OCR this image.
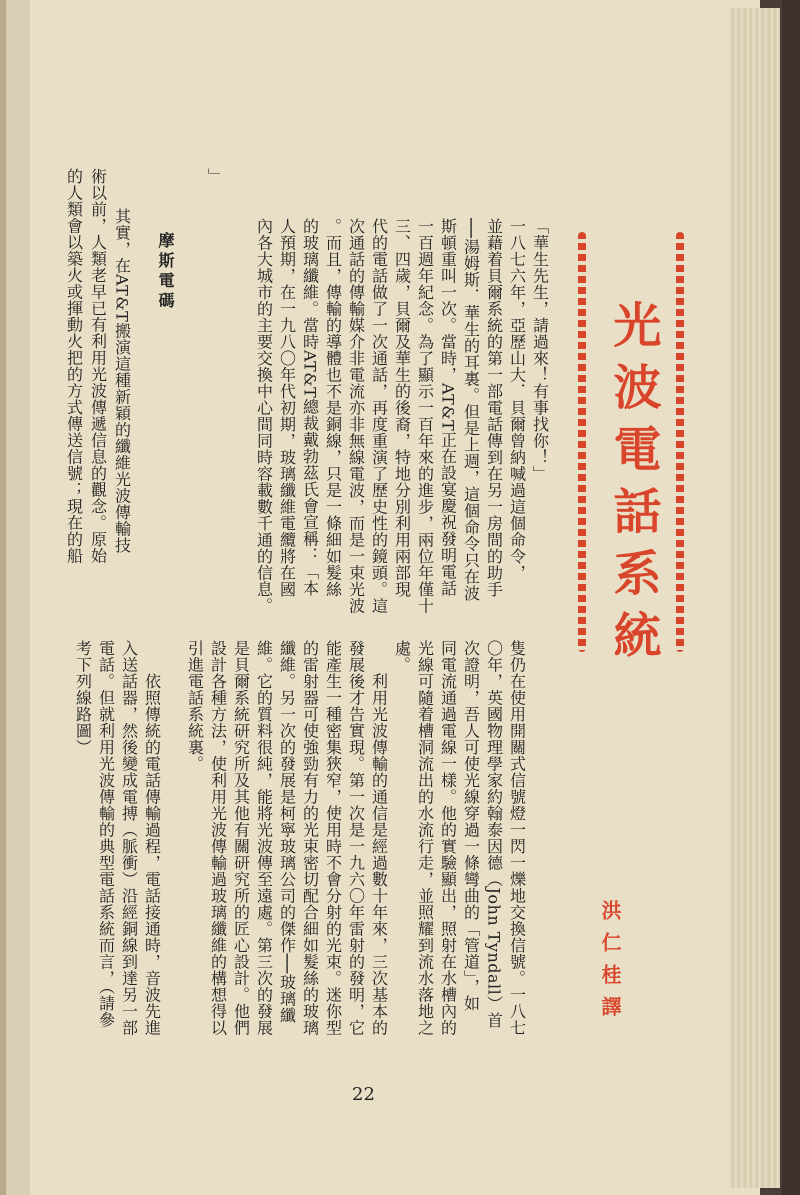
光波電話系統
洪仁桂譯
「華生先生，請過來！有事找你！」
一八七六年，亞歷山大．貝爾曾納喊過這個命令，
並藉着貝爾系統的第一部電話傳到在另一房間的助手
──湯姆斯．華生的耳裏。但是上週，這個命令只在波
斯頓重叫一次。當時，AT&T正在設宴慶祝發明電話
一百週年紀念。為了顯示一百年來的進步，兩位年僅十
三、四歲，貝爾及華生的後裔，特地分別利用兩部現
代的電話做了一次通話，再度重演了歷史性的鏡頭。這
次通話的傳輸媒介非電流亦非無線電波，而是一束光波
。而且，傳輸的導體也不是銅線，只是一條細如髮絲
的玻璃纖維。當時AT&T總裁戴勃茲氏會宣稱：「本
人預期，在一九八〇年代初期，玻璃纖維電纜將在國
內各大城市的主要交換中心間同時容載數千通的信息。
」
摩斯電碼
其實，在AT&T搬演這種新穎的纖維光波傳輸技
術以前，人類老早已有利用光波傳遞信息的觀念。原始
的人類會以築火或揮動火把的方式傳送信號；現在的船
隻仍在使用開關式信號燈一閃一爍地交換信號。一八七
〇年，英國物理學家約翰泰因德（John Tyndall）首
次證明，吾人可使光線穿過一條彎曲的「管道」，如
同電流通過電線一樣。他的實驗顯出，照射在水槽內的
光線可隨着槽洞流出的水流行走，並照耀到流水落地之
處。
　　利用光波傳輸的通信是經過數十年來，三次基本的
發展後才告實現。第一次是一九六〇年雷射的發明，它
能產生一種密集狹窄，使用時不會分射的光束。迷你型
的雷射器可使強勁有力的光束密切配合細如髮絲的玻璃
纖維。另一次的發展是柯寧玻璃公司的傑作──玻璃纖
維。它的質料很純，能將光波傳至遠處。第三次的發展
是貝爾系統研究所及其他有關研究所的匠心設計。他們
設計各種方法，使利用光波傳輸過玻璃纖維的構想得以
引進電話系統裏。
　　依照傳統的電話傳輸過程，電話接通時，音波先進
入送話器，然後變成電搏（脈衝）沿經銅線到達另一部
電話。但就利用光波傳輸的典型電話系統而言，（請參
考下列線路圖）
22
